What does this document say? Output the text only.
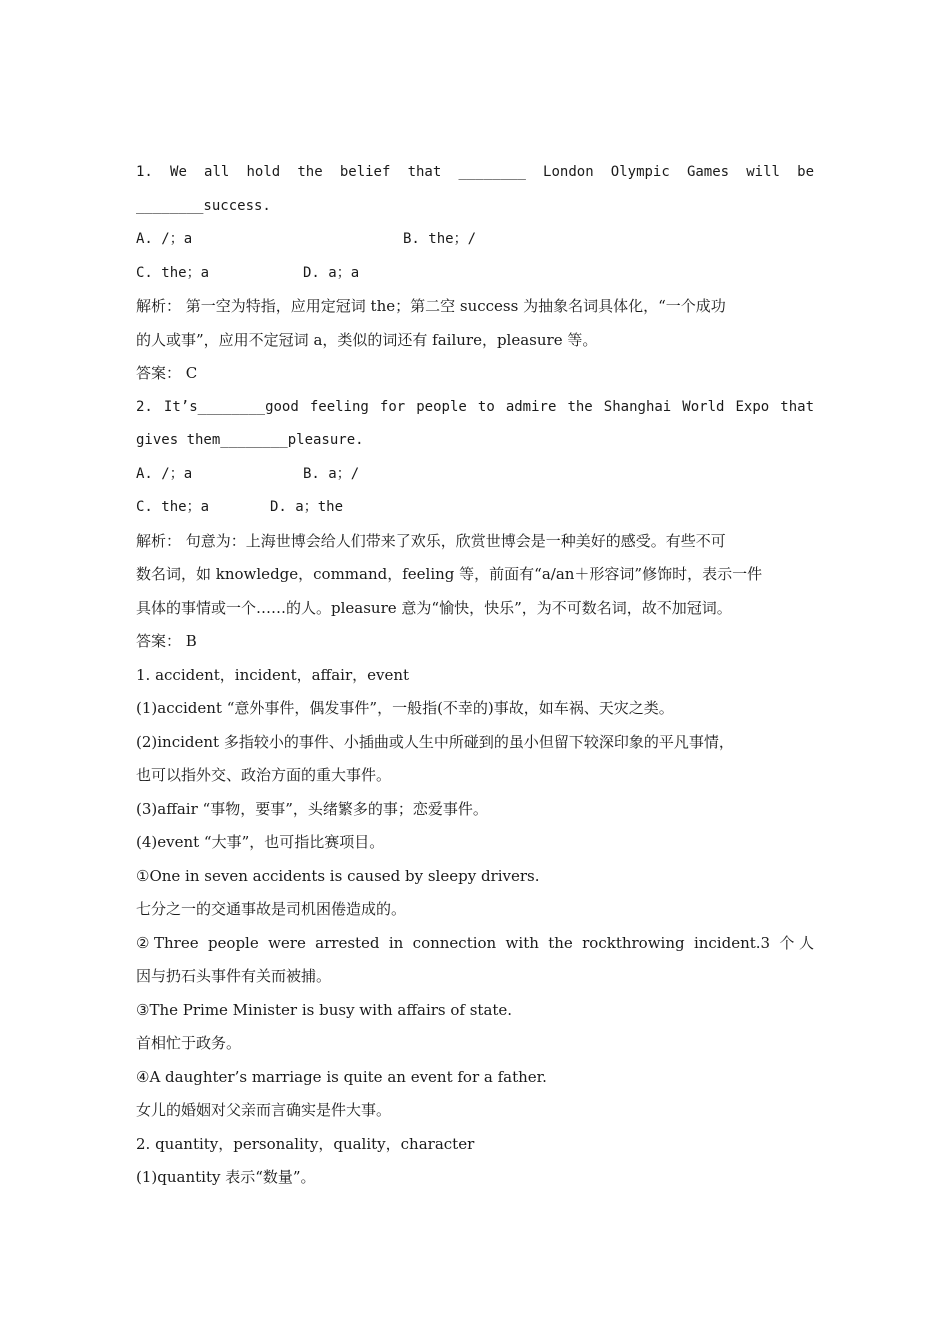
1. We all hold the belief that ________ London Olympic Games will be
________success.
A. /；a	B. the；/
C. the；a	D. a；a
解析： 第一空为特指，应用定冠词 the；第二空 success 为抽象名词具体化，“一个成功
的人或事”，应用不定冠词 a，类似的词还有 failure，pleasure 等。
答案： C
2. It’s________good feeling for people to admire the Shanghai World Expo that
gives them________pleasure.
A. /；a	B. a；/
C. the；a	D. a；the
解析： 句意为：上海世博会给人们带来了欢乐，欣赏世博会是一种美好的感受。有些不可
数名词，如 knowledge，command，feeling 等，前面有“a/an＋形容词”修饰时，表示一件
具体的事情或一个……的人。pleasure 意为“愉快，快乐”，为不可数名词，故不加冠词。
答案： B
1. accident，incident，affair，event
(1)accident “意外事件，偶发事件”，一般指(不幸的)事故，如车祸、天灾之类。
(2)incident 多指较小的事件、小插曲或人生中所碰到的虽小但留下较深印象的平凡事情，
也可以指外交、政治方面的重大事件。
(3)affair “事物，要事”，头绪繁多的事；恋爱事件。
(4)event “大事”，也可指比赛项目。
①One in seven accidents is caused by sleepy drivers.
七分之一的交通事故是司机困倦造成的。
②Three people were arrested in connection with the rockthrowing incident.3 个人
因与扔石头事件有关而被捕。
③The Prime Minister is busy with affairs of state.
首相忙于政务。
④A daughter’s marriage is quite an event for a father.
女儿的婚姻对父亲而言确实是件大事。
2. quantity，personality，quality，character
(1)quantity 表示“数量”。
